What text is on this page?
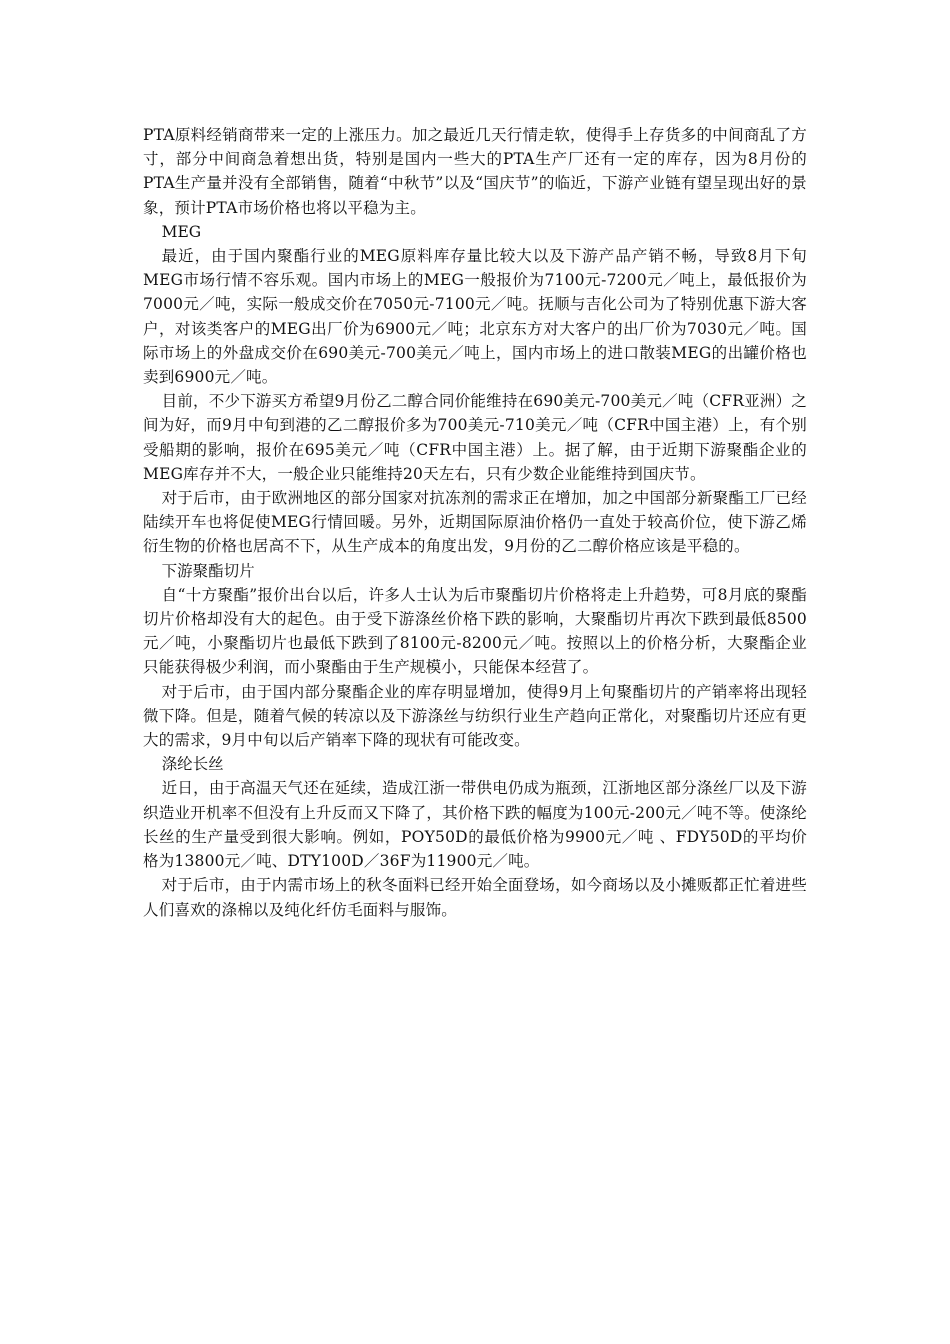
PTA原料经销商带来一定的上涨压力。加之最近几天行情走软，使得手上存货多的中间商乱了方寸，部分中间商急着想出货，特别是国内一些大的PTA生产厂还有一定的库存，因为8月份的PTA生产量并没有全部销售，随着“中秋节”以及“国庆节”的临近，下游产业链有望呈现出好的景象，预计PTA市场价格也将以平稳为主。

MEG

最近，由于国内聚酯行业的MEG原料库存量比较大以及下游产品产销不畅，导致8月下旬MEG市场行情不容乐观。国内市场上的MEG一般报价为7100元-7200元／吨上，最低报价为7000元／吨，实际一般成交价在7050元-7100元／吨。抚顺与吉化公司为了特别优惠下游大客户，对该类客户的MEG出厂价为6900元／吨；北京东方对大客户的出厂价为7030元／吨。国际市场上的外盘成交价在690美元-700美元／吨上，国内市场上的进口散装MEG的出罐价格也卖到6900元／吨。

目前，不少下游买方希望9月份乙二醇合同价能维持在690美元-700美元／吨（CFR亚洲）之间为好，而9月中旬到港的乙二醇报价多为700美元-710美元／吨（CFR中国主港）上，有个别受船期的影响，报价在695美元／吨（CFR中国主港）上。据了解，由于近期下游聚酯企业的MEG库存并不大，一般企业只能维持20天左右，只有少数企业能维持到国庆节。

对于后市，由于欧洲地区的部分国家对抗冻剂的需求正在增加，加之中国部分新聚酯工厂已经陆续开车也将促使MEG行情回暖。另外，近期国际原油价格仍一直处于较高价位，使下游乙烯衍生物的价格也居高不下，从生产成本的角度出发，9月份的乙二醇价格应该是平稳的。

下游聚酯切片

自“十方聚酯”报价出台以后，许多人士认为后市聚酯切片价格将走上升趋势，可8月底的聚酯切片价格却没有大的起色。由于受下游涤丝价格下跌的影响，大聚酯切片再次下跌到最低8500元／吨，小聚酯切片也最低下跌到了8100元-8200元／吨。按照以上的价格分析，大聚酯企业只能获得极少利润，而小聚酯由于生产规模小，只能保本经营了。

对于后市，由于国内部分聚酯企业的库存明显增加，使得9月上旬聚酯切片的产销率将出现轻微下降。但是，随着气候的转凉以及下游涤丝与纺织行业生产趋向正常化，对聚酯切片还应有更大的需求，9月中旬以后产销率下降的现状有可能改变。

涤纶长丝

近日，由于高温天气还在延续，造成江浙一带供电仍成为瓶颈，江浙地区部分涤丝厂以及下游织造业开机率不但没有上升反而又下降了，其价格下跌的幅度为100元-200元／吨不等。使涤纶长丝的生产量受到很大影响。例如，POY50D的最低价格为9900元／吨 、FDY50D的平均价格为13800元／吨、DTY100D／36F为11900元／吨。

对于后市，由于内需市场上的秋冬面料已经开始全面登场，如今商场以及小摊贩都正忙着进些人们喜欢的涤棉以及纯化纤仿毛面料与服饰。
